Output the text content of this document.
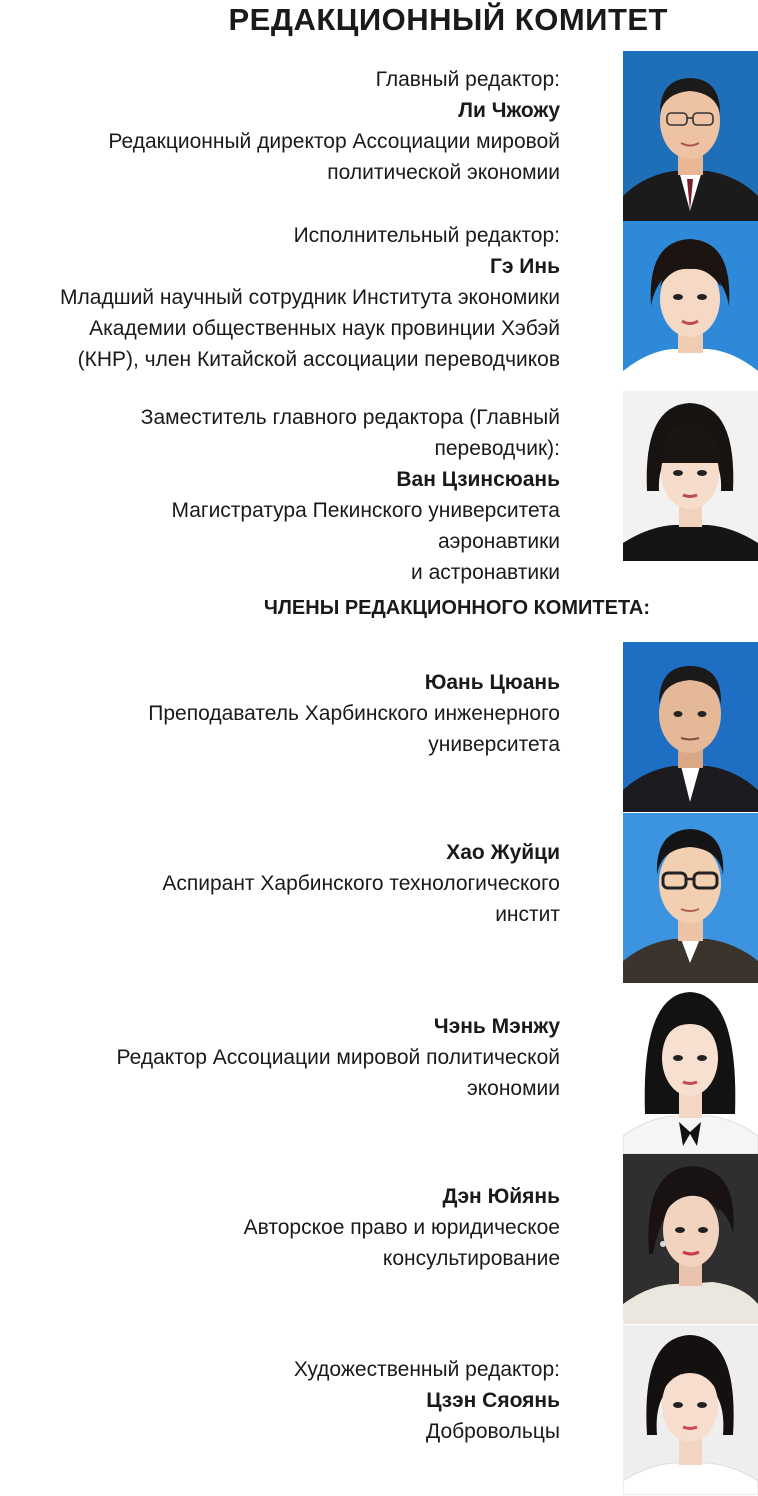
РЕДАКЦИОННЫЙ КОМИТЕТ
Главный редактор:
Ли Чжожу
Редакционный директор Ассоциации мировой
политической экономии
Исполнительный редактор:
Гэ Инь
Младший научный сотрудник Института экономики
Академии общественных наук провинции Хэбэй
(КНР), член Китайской ассоциации переводчиков
Заместитель главного редактора (Главный
переводчик):
Ван Цзинсюань
Магистратура Пекинского университета
аэронавтики
и астронавтики
ЧЛЕНЫ РЕДАКЦИОННОГО КОМИТЕТА:
Юань Цюань
Преподаватель Харбинского инженерного
университета
Хао Жуйци
Аспирант Харбинского технологического
инстит
Чэнь Мэнжу
Редактор Ассоциации мировой политической
экономии
Дэн Юйянь
Авторское право и юридическое
консультирование
Художественный редактор:
Цзэн Сяоянь
Добровольцы
